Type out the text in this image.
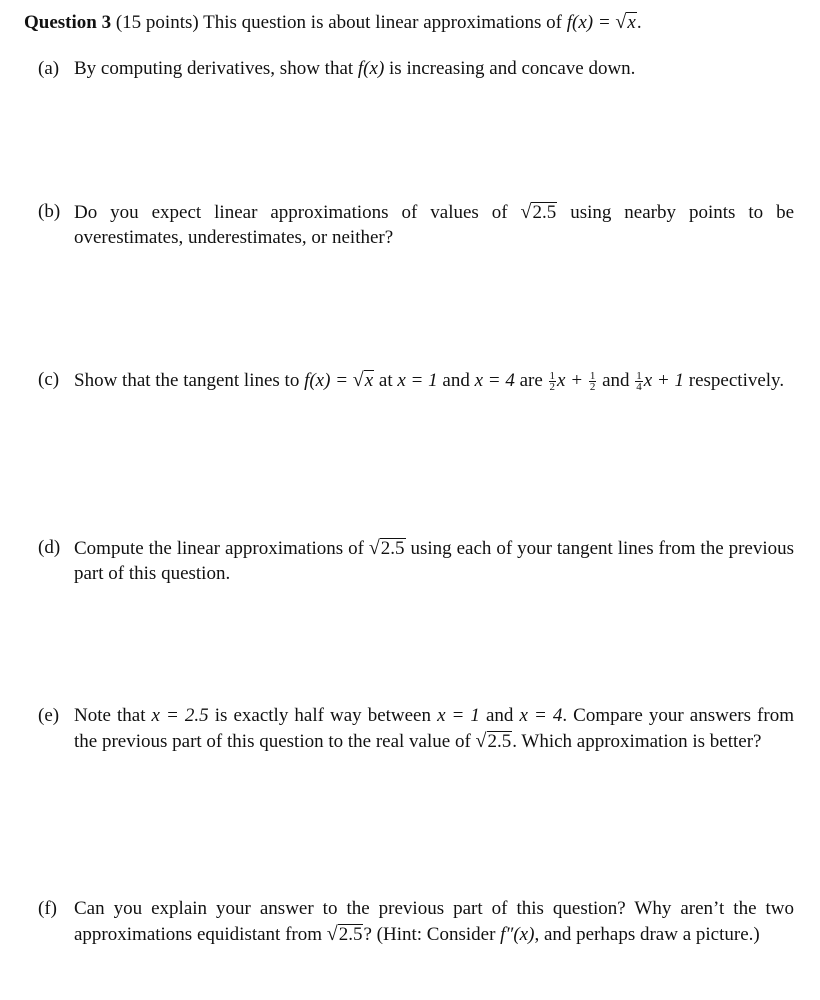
Question 3 (15 points) This question is about linear approximations of f(x) = √x.
(a) By computing derivatives, show that f(x) is increasing and concave down.
(b) Do you expect linear approximations of values of √2.5 using nearby points to be overestimates, underestimates, or neither?
(c) Show that the tangent lines to f(x) = √x at x = 1 and x = 4 are $\frac{1}{2}$ $x + \frac{1}{2}$ and $\frac{1}{4}$ x + 1 respectively.
(d) Compute the linear approximations of √2.5 using each of your tangent lines from the previous part of this question.
(e) Note that x = 2.5 is exactly half way between x = 1 and x = 4. Compare your answers from the previous part of this question to the real value of √2.5. Which approximation is better?
(f) Can you explain your answer to the previous part of this question? Why aren’t the two approximations equidistant from √2.5? (Hint: Consider f″(x), and perhaps draw a picture.)
